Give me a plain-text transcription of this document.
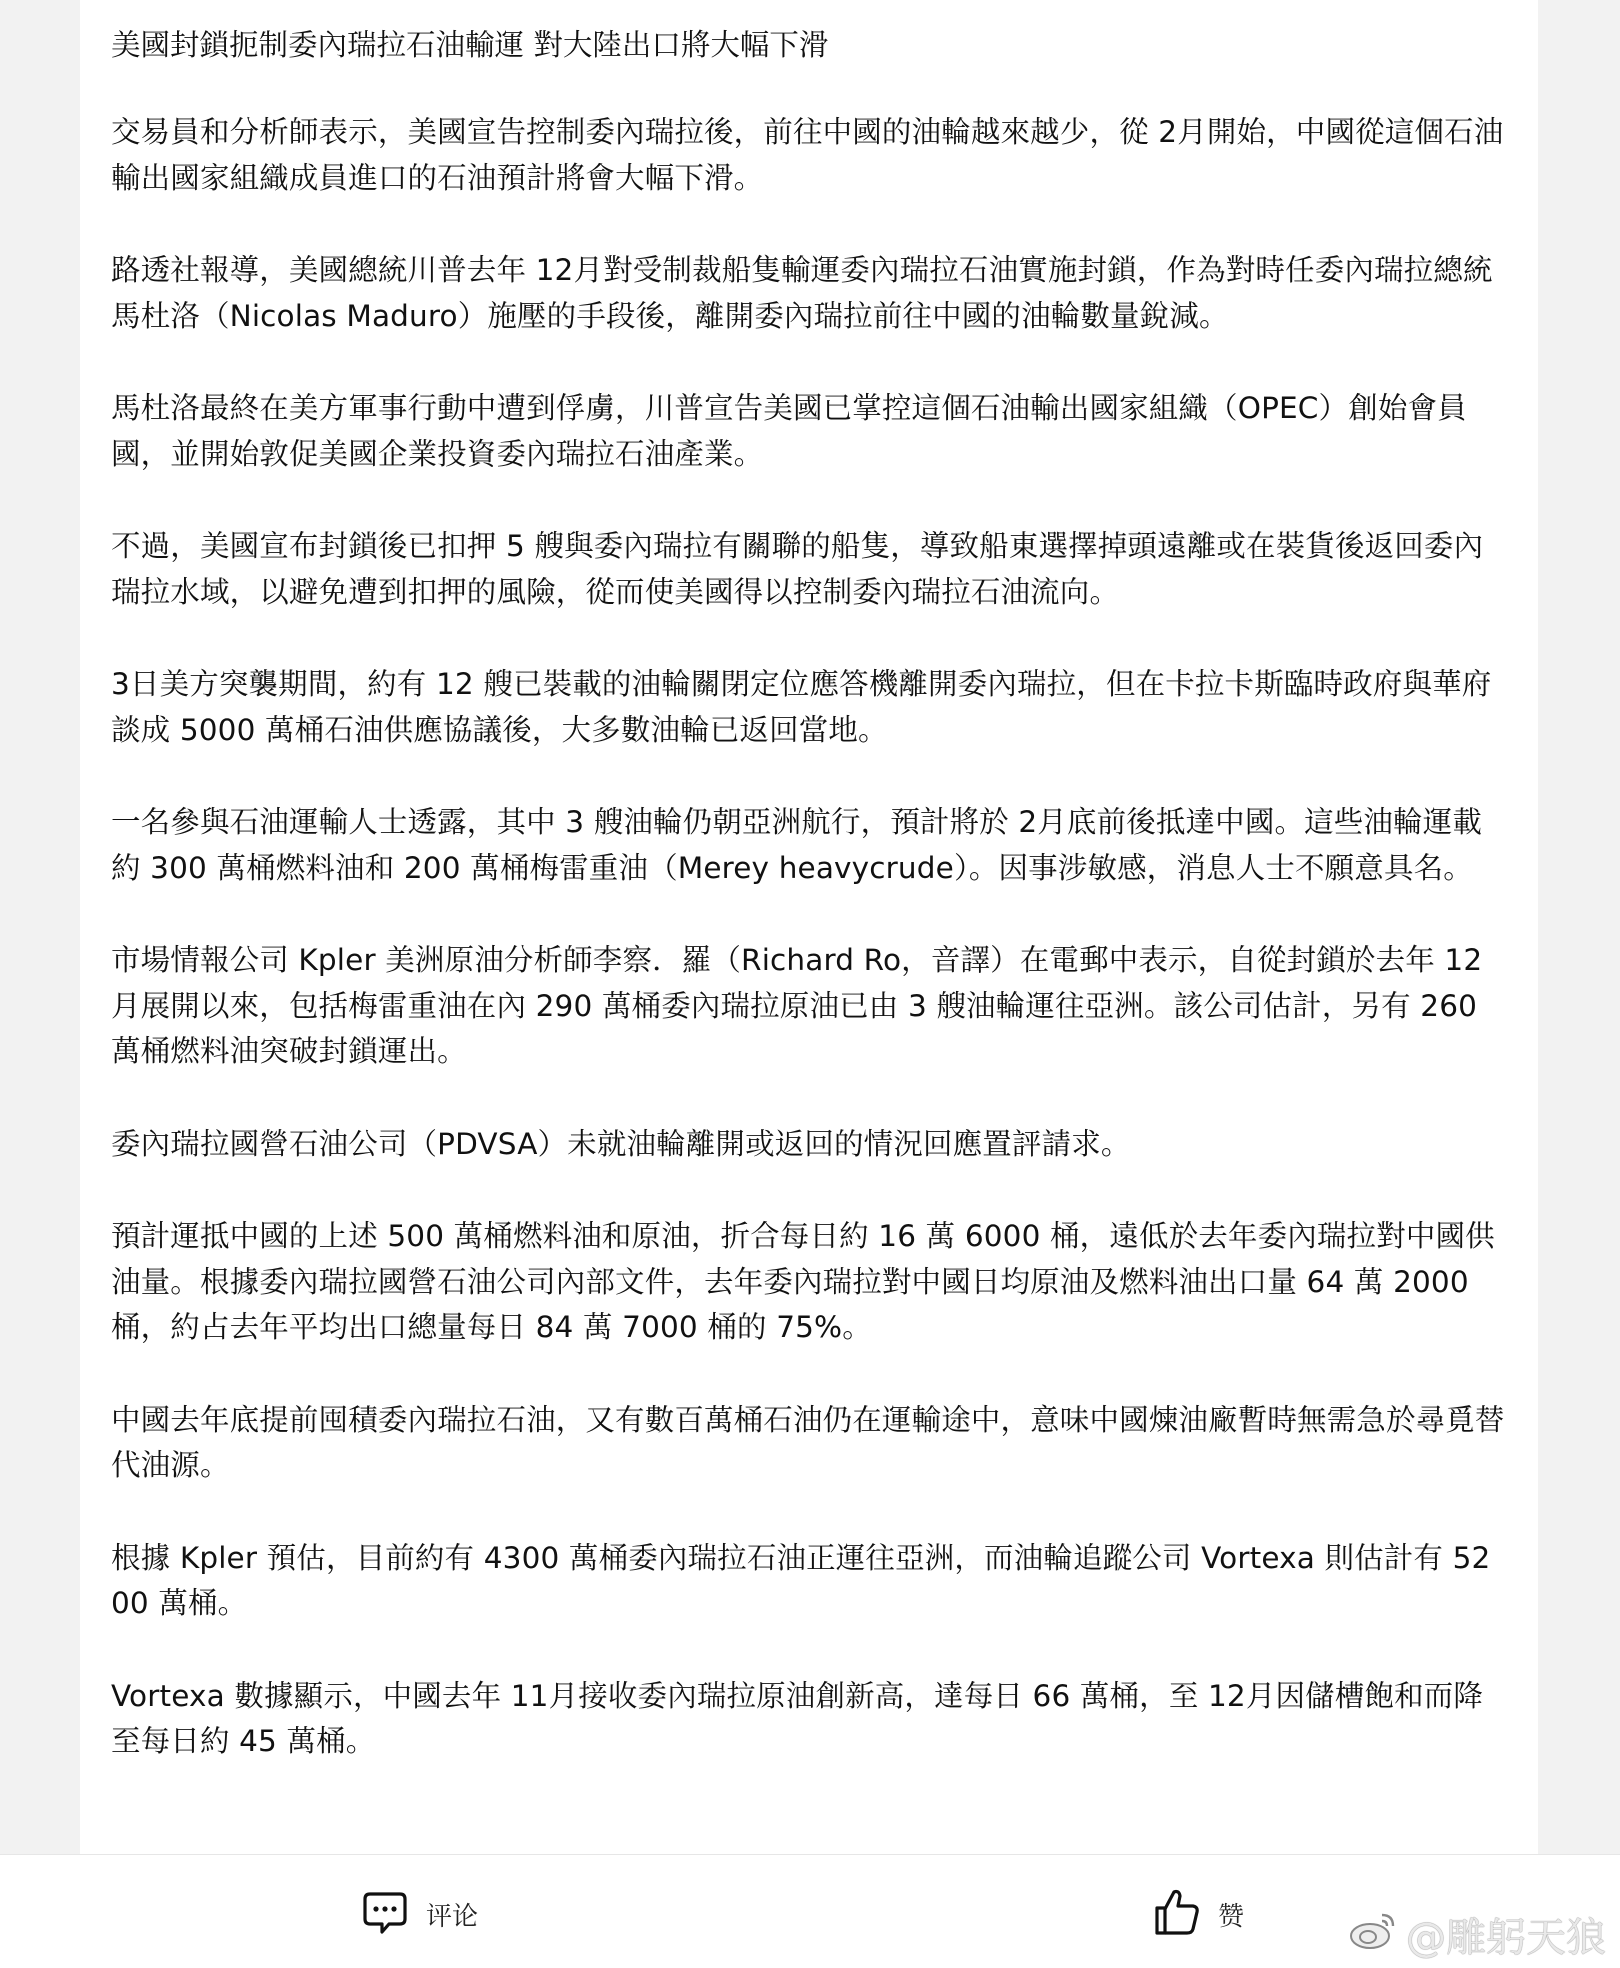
美國封鎖扼制委內瑞拉石油輸運 對大陸出口將大幅下滑

交易員和分析師表示，美國宣告控制委內瑞拉後，前往中國的油輪越來越少，從 2月開始，中國從這個石油輸出國家組織成員進口的石油預計將會大幅下滑。

路透社報導，美國總統川普去年 12月對受制裁船隻輸運委內瑞拉石油實施封鎖，作為對時任委內瑞拉總統馬杜洛（Nicolas Maduro）施壓的手段後，離開委內瑞拉前往中國的油輪數量銳減。

馬杜洛最終在美方軍事行動中遭到俘虜，川普宣告美國已掌控這個石油輸出國家組織（OPEC）創始會員國，並開始敦促美國企業投資委內瑞拉石油產業。

不過，美國宣布封鎖後已扣押 5 艘與委內瑞拉有關聯的船隻，導致船東選擇掉頭遠離或在裝貨後返回委內瑞拉水域，以避免遭到扣押的風險，從而使美國得以控制委內瑞拉石油流向。

3日美方突襲期間，約有 12 艘已裝載的油輪關閉定位應答機離開委內瑞拉，但在卡拉卡斯臨時政府與華府談成 5000 萬桶石油供應協議後，大多數油輪已返回當地。

一名參與石油運輸人士透露，其中 3 艘油輪仍朝亞洲航行，預計將於 2月底前後抵達中國。這些油輪運載約 300 萬桶燃料油和 200 萬桶梅雷重油（Merey heavycrude）。因事涉敏感，消息人士不願意具名。

市場情報公司 Kpler 美洲原油分析師李察．羅（Richard Ro，音譯）在電郵中表示，自從封鎖於去年 12月展開以來，包括梅雷重油在內 290 萬桶委內瑞拉原油已由 3 艘油輪運往亞洲。該公司估計，另有 260 萬桶燃料油突破封鎖運出。

委內瑞拉國營石油公司（PDVSA）未就油輪離開或返回的情況回應置評請求。

預計運抵中國的上述 500 萬桶燃料油和原油，折合每日約 16 萬 6000 桶，遠低於去年委內瑞拉對中國供油量。根據委內瑞拉國營石油公司內部文件，去年委內瑞拉對中國日均原油及燃料油出口量 64 萬 2000 桶，約占去年平均出口總量每日 84 萬 7000 桶的 75%。

中國去年底提前囤積委內瑞拉石油，又有數百萬桶石油仍在運輸途中，意味中國煉油廠暫時無需急於尋覓替代油源。

根據 Kpler 預估，目前約有 4300 萬桶委內瑞拉石油正運往亞洲，而油輪追蹤公司 Vortexa 則估計有 5200 萬桶。

Vortexa 數據顯示，中國去年 11月接收委內瑞拉原油創新高，達每日 66 萬桶，至 12月因儲槽飽和而降至每日約 45 萬桶。

评论	赞	@雕躬天狼
